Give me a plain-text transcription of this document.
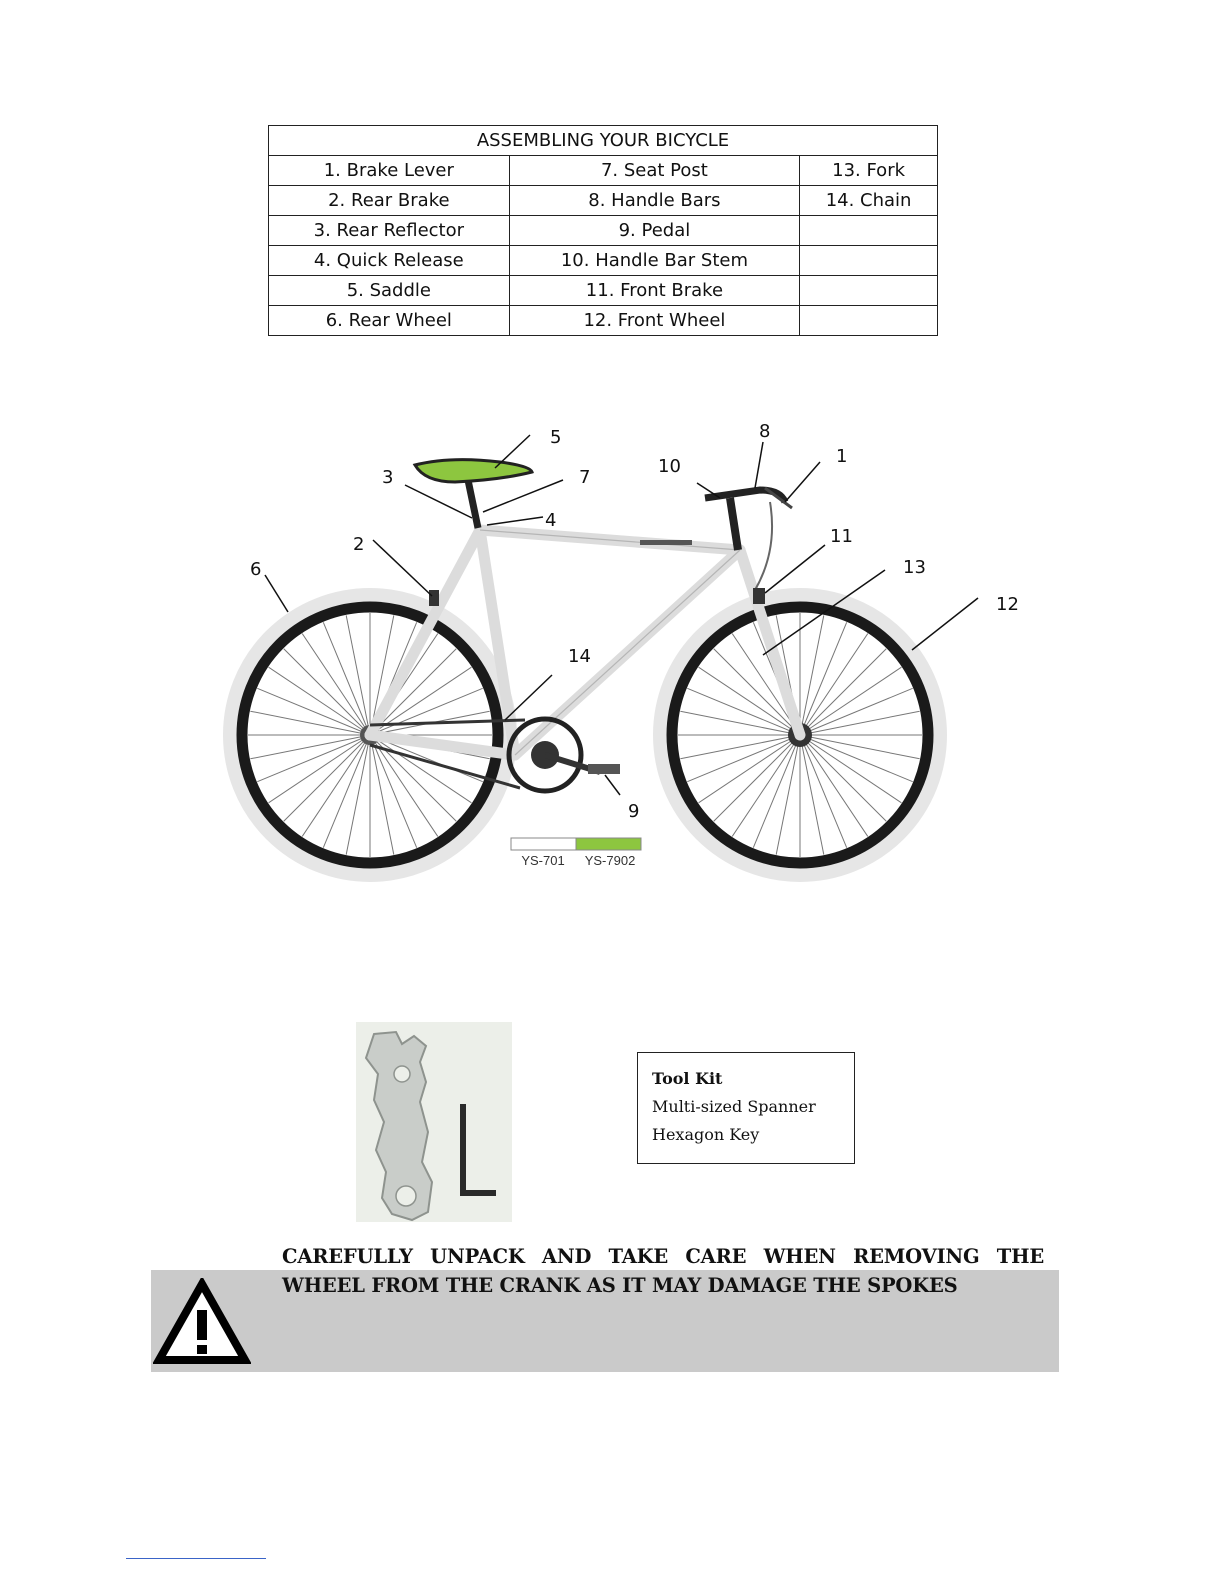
ASSEMBLING YOUR BICYCLE		
1. Brake Lever	7. Seat Post	13. Fork
2. Rear Brake	8. Handle Bars	14. Chain
3. Rear Reflector	9. Pedal	
4. Quick Release	10. Handle Bar Stem	
5. Saddle	11. Front Brake	
6. Rear Wheel	12. Front Wheel	
YS-701 YS-7902
1
2
3
4
5
6
7
8
9
10
11
12
13
14
Tool Kit
Multi-sized Spanner
Hexagon Key
CAREFULLY UNPACK AND TAKE CARE WHEN REMOVING THE WHEEL FROM THE CRANK AS IT MAY DAMAGE THE SPOKES
